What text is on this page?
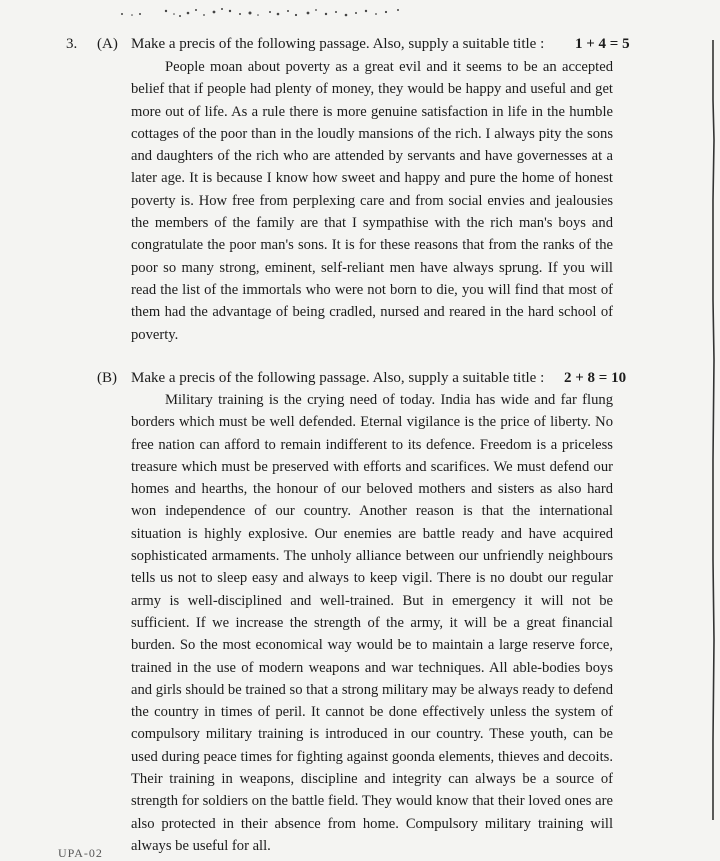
3. (A) Make a precis of the following passage. Also, supply a suitable title : 1 + 4 = 5

People moan about poverty as a great evil and it seems to be an accepted belief that if people had plenty of money, they would be happy and useful and get more out of life. As a rule there is more genuine satisfaction in life in the humble cottages of the poor than in the loudly mansions of the rich. I always pity the sons and daughters of the rich who are attended by servants and have governesses at a later age. It is because I know how sweet and happy and pure the home of honest poverty is. How free from perplexing care and from social envies and jealousies the members of the family are that I sympathise with the rich man's boys and congratulate the poor man's sons. It is for these reasons that from the ranks of the poor so many strong, eminent, self-reliant men have always sprung. If you will read the list of the immortals who were not born to die, you will find that most of them had the advantage of being cradled, nursed and reared in the hard school of poverty.

(B) Make a precis of the following passage. Also, supply a suitable title : 2 + 8 = 10

Military training is the crying need of today. India has wide and far flung borders which must be well defended. Eternal vigilance is the price of liberty. No free nation can afford to remain indifferent to its defence. Freedom is a priceless treasure which must be preserved with efforts and scarifices. We must defend our homes and hearths, the honour of our beloved mothers and sisters as also hard won independence of our country. Another reason is that the international situation is highly explosive. Our enemies are battle ready and have acquired sophisticated armaments. The unholy alliance between our unfriendly neighbours tells us not to sleep easy and always to keep vigil. There is no doubt our regular army is well-disciplined and well-trained. But in emergency it will not be sufficient. If we increase the strength of the army, it will be a great financial burden. So the most economical way would be to maintain a large reserve force, trained in the use of modern weapons and war techniques. All able-bodies boys and girls should be trained so that a strong military may be always ready to defend the country in times of peril. It cannot be done effectively unless the system of compulsory military training is introduced in our country. These youth, can be used during peace times for fighting against goonda elements, thieves and decoits. Their training in weapons, discipline and integrity can always be a source of strength for soldiers on the battle field. They would know that their loved ones are also protected in their absence from home. Compulsory military training will always be useful for all.

UPA-02
